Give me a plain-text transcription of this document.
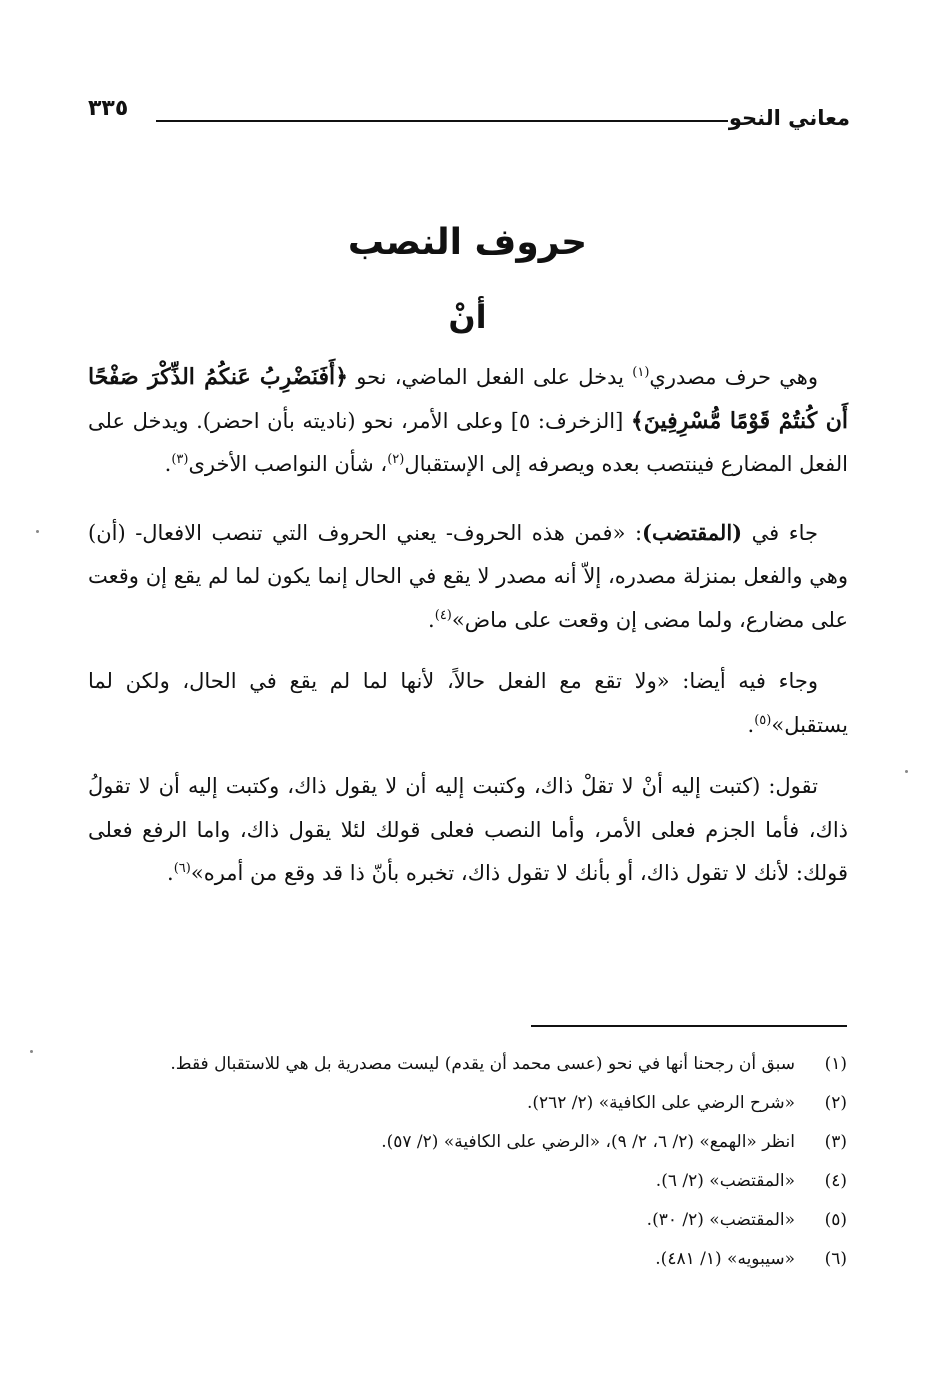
٣٣٥	معاني النحو
حروف النصب
أنْ

وهي حرف مصدري$^{(١)}$ يدخل على الفعل الماضي، نحو ﴿أَفَنَضْرِبُ عَنكُمُ الذِّكْرَ صَفْحًا أَن كُنتُمْ قَوْمًا مُّسْرِفِينَ﴾ [الزخرف: ٥] وعلى الأمر، نحو (ناديته بأن احضر). ويدخل على الفعل المضارع فينتصب بعده ويصرفه إلى الإستقبال$^{(٢)}$، شأن النواصب الأخرى$^{(٣)}$.

جاء في (المقتضب): «فمن هذه الحروف- يعني الحروف التي تنصب الافعال- (أن) وهي والفعل بمنزلة مصدره، إلاّ أنه مصدر لا يقع في الحال إنما يكون لما لم يقع إن وقعت على مضارع، ولما مضى إن وقعت على ماض»$^{(٤)}$.

وجاء فيه أيضا: «ولا تقع مع الفعل حالاً، لأنها لما لم يقع في الحال، ولكن لما يستقبل»$^{(٥)}$.

تقول: (كتبت إليه أنْ لا تقلْ ذاك، وكتبت إليه أن لا يقول ذاك، وكتبت إليه أن لا تقولُ ذاك، فأما الجزم فعلى الأمر، وأما النصب فعلى قولك لئلا يقول ذاك، واما الرفع فعلى قولك: لأنك لا تقول ذاك، أو بأنك لا تقول ذاك، تخبره بأنّ ذا قد وقع من أمره»$^{(٦)}$.

(١)
سبق أن رجحنا أنها في نحو (عسى محمد أن يقدم) ليست مصدرية بل هي للاستقبال فقط.
(٢)
«شرح الرضي على الكافية» (٢/ ٢٦٢).
(٣)
انظر «الهمع» (٢/ ٦، ٢/ ٩)، «الرضي على الكافية» (٢/ ٥٧).
(٤)
«المقتضب» (٢/ ٦).
(٥)
«المقتضب» (٢/ ٣٠).
(٦)
«سيبويه» (١/ ٤٨١).
